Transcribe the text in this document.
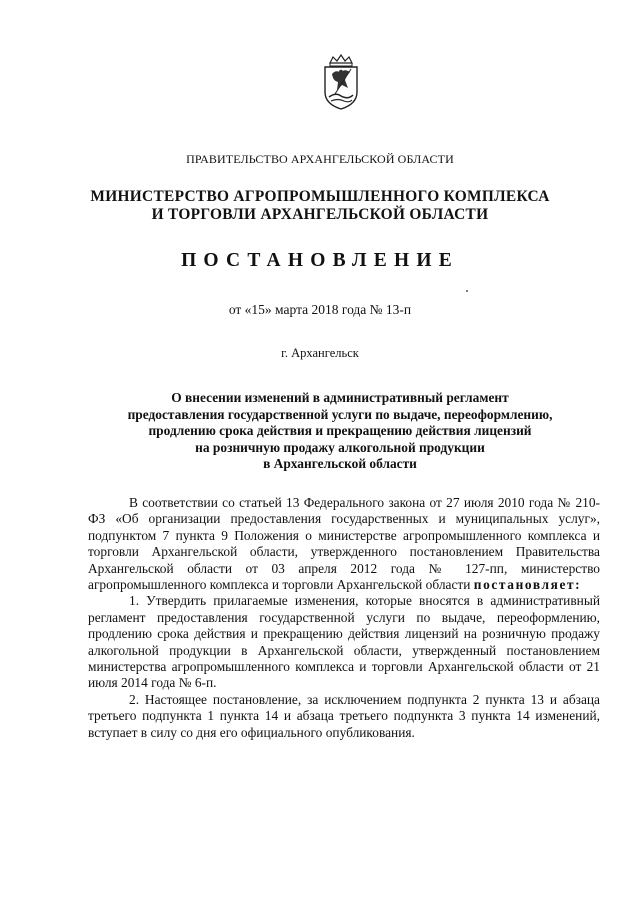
ПРАВИТЕЛЬСТВО АРХАНГЕЛЬСКОЙ ОБЛАСТИ
МИНИСТЕРСТВО АГРОПРОМЫШЛЕННОГО КОМПЛЕКСА
И ТОРГОВЛИ АРХАНГЕЛЬСКОЙ ОБЛАСТИ
ПОСТАНОВЛЕНИЕ
от «15» марта 2018 года № 13-п
г. Архангельск
О внесении изменений в административный регламент
предоставления государственной услуги по выдаче, переоформлению,
продлению срока действия и прекращению действия лицензий
на розничную продажу алкогольной продукции
в Архангельской области

В соответствии со статьей 13 Федерального закона от 27 июля 2010 года № 210-ФЗ «Об организации предоставления государственных и муниципальных услуг», подпунктом 7 пункта 9 Положения о министерстве агропромышленного комплекса и торговли Архангельской области, утвержденного постановлением Правительства Архангельской области от 03 апреля 2012 года № 127-пп, министерство агропромышленного комплекса и торговли Архангельской области постановляет:

1. Утвердить прилагаемые изменения, которые вносятся в административный регламент предоставления государственной услуги по выдаче, переоформлению, продлению срока действия и прекращению действия лицензий на розничную продажу алкогольной продукции в Архангельской области, утвержденный постановлением министерства агропромышленного комплекса и торговли Архангельской области от 21 июля 2014 года № 6-п.

2. Настоящее постановление, за исключением подпункта 2 пункта 13 и абзаца третьего подпункта 1 пункта 14 и абзаца третьего подпункта 3 пункта 14 изменений, вступает в силу со дня его официального опубликования.
